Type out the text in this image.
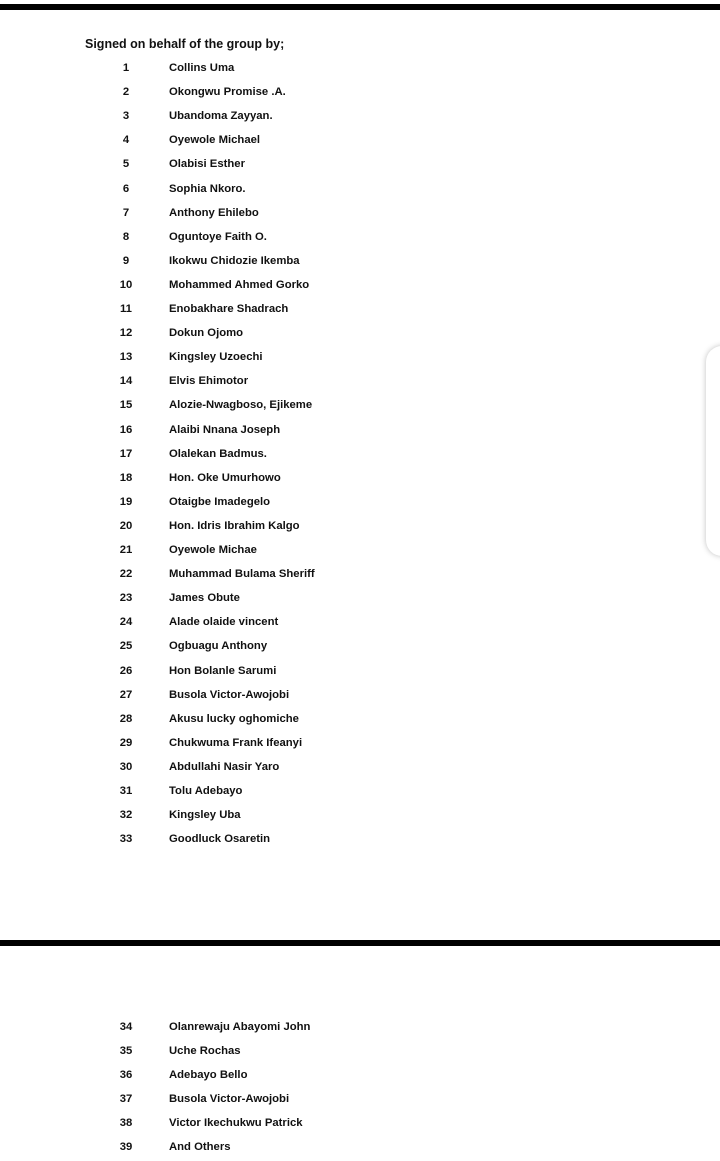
Signed on behalf of the group by;
1	Collins Uma
2	Okongwu Promise .A.
3	Ubandoma Zayyan.
4	Oyewole Michael
5	Olabisi Esther
6	Sophia Nkoro.
7	Anthony Ehilebo
8	Oguntoye Faith O.
9	Ikokwu Chidozie Ikemba
10	Mohammed Ahmed Gorko
11	Enobakhare Shadrach
12	Dokun Ojomo
13	Kingsley Uzoechi
14	Elvis Ehimotor
15	Alozie-Nwagboso, Ejikeme
16	Alaibi Nnana Joseph
17	Olalekan Badmus.
18	Hon. Oke Umurhowo
19	Otaigbe Imadegelo
20	Hon. Idris Ibrahim Kalgo
21	Oyewole Michae
22	Muhammad Bulama Sheriff
23	James Obute
24	Alade olaide vincent
25	Ogbuagu Anthony
26	Hon Bolanle Sarumi
27	Busola Victor-Awojobi
28	Akusu lucky oghomiche
29	Chukwuma Frank Ifeanyi
30	Abdullahi Nasir Yaro
31	Tolu Adebayo
32	Kingsley Uba
33	Goodluck Osaretin
34	Olanrewaju Abayomi John
35	Uche Rochas
36	Adebayo Bello
37	Busola Victor-Awojobi
38	Victor Ikechukwu Patrick
39	And Others
